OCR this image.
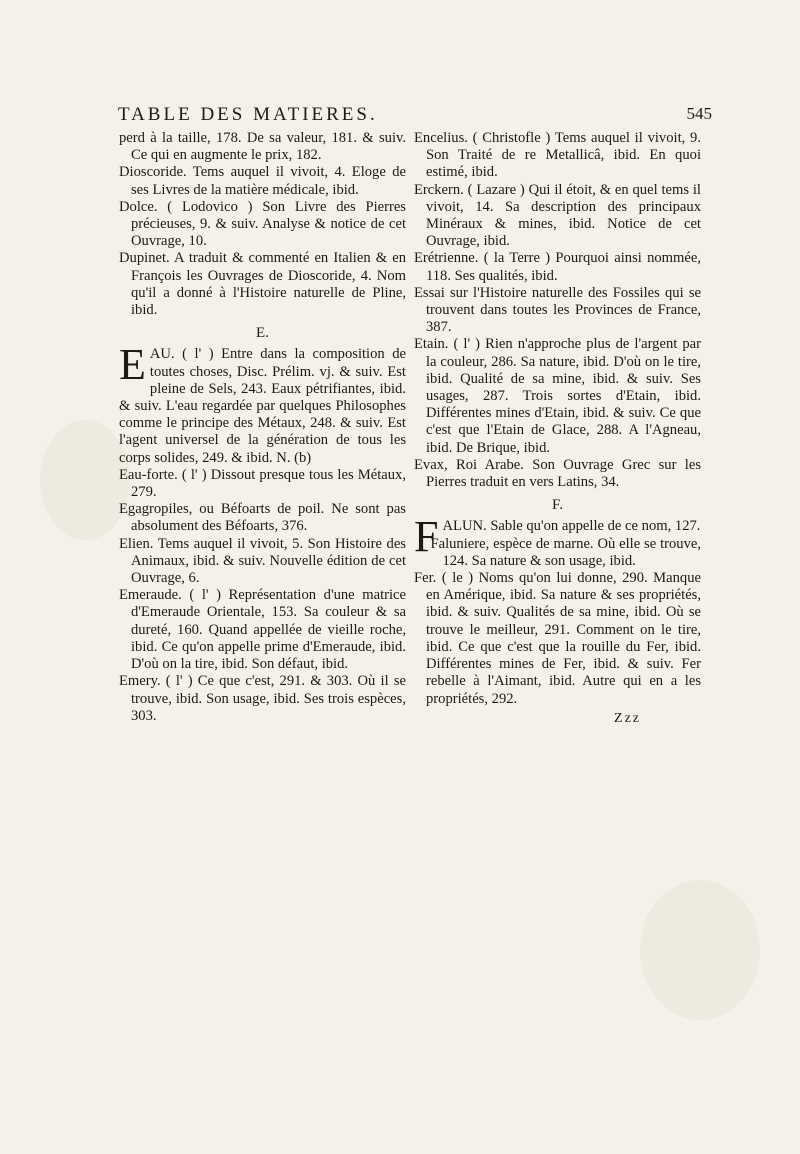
TABLE DES MATIERES.	545

perd à la taille, 178. De sa valeur, 181. & suiv. Ce qui en augmente le prix, 182.

Dioscoride. Tems auquel il vivoit, 4. Eloge de ses Livres de la matière médicale, ibid.

Dolce. ( Lodovico ) Son Livre des Pierres précieuses, 9. & suiv. Analyse & notice de cet Ouvrage, 10.

Dupinet. A traduit & commenté en Italien & en François les Ouvrages de Dioscoride, 4. Nom qu'il a donné à l'Histoire naturelle de Pline, ibid.

E.

EAU. ( l' ) Entre dans la composition de toutes choses, Disc. Prélim. vj. & suiv. Est pleine de Sels, 243. Eaux pétrifiantes, ibid. & suiv. L'eau regardée par quelques Philosophes comme le principe des Métaux, 248. & suiv. Est l'agent universel de la génération de tous les corps solides, 249. & ibid. N. (b)

Eau-forte. ( l' ) Dissout presque tous les Métaux, 279.

Egagropiles, ou Béfoarts de poil. Ne sont pas absolument des Béfoarts, 376.

Elien. Tems auquel il vivoit, 5. Son Histoire des Animaux, ibid. & suiv. Nouvelle édition de cet Ouvrage, 6.

Emeraude. ( l' ) Représentation d'une matrice d'Emeraude Orientale, 153. Sa couleur & sa dureté, 160. Quand appellée de vieille roche, ibid. Ce qu'on appelle prime d'Emeraude, ibid. D'où on la tire, ibid. Son défaut, ibid.

Emery. ( l' ) Ce que c'est, 291. & 303. Où il se trouve, ibid. Son usage, ibid. Ses trois espèces, 303.

Encelius. ( Christofle ) Tems auquel il vivoit, 9. Son Traité de re Metallicâ, ibid. En quoi estimé, ibid.

Erckern. ( Lazare ) Qui il étoit, & en quel tems il vivoit, 14. Sa description des principaux Minéraux & mines, ibid. Notice de cet Ouvrage, ibid.

Erétrienne. ( la Terre ) Pourquoi ainsi nommée, 118. Ses qualités, ibid.

Essai sur l'Histoire naturelle des Fossiles qui se trouvent dans toutes les Provinces de France, 387.

Etain. ( l' ) Rien n'approche plus de l'argent par la couleur, 286. Sa nature, ibid. D'où on le tire, ibid. Qualité de sa mine, ibid. & suiv. Ses usages, 287. Trois sortes d'Etain, ibid. Différentes mines d'Etain, ibid. & suiv. Ce que c'est que l'Etain de Glace, 288. A l'Agneau, ibid. De Brique, ibid.

Evax, Roi Arabe. Son Ouvrage Grec sur les Pierres traduit en vers Latins, 34.

F.

FALUN. Sable qu'on appelle de ce nom, 127.

Faluniere, espèce de marne. Où elle se trouve, 124. Sa nature & son usage, ibid.

Fer. ( le ) Noms qu'on lui donne, 290. Manque en Amérique, ibid. Sa nature & ses propriétés, ibid. & suiv. Qualités de sa mine, ibid. Où se trouve le meilleur, 291. Comment on le tire, ibid. Ce que c'est que la rouille du Fer, ibid. Différentes mines de Fer, ibid. & suiv. Fer rebelle à l'Aimant, ibid. Autre qui en a les propriétés, 292.

Zzz
